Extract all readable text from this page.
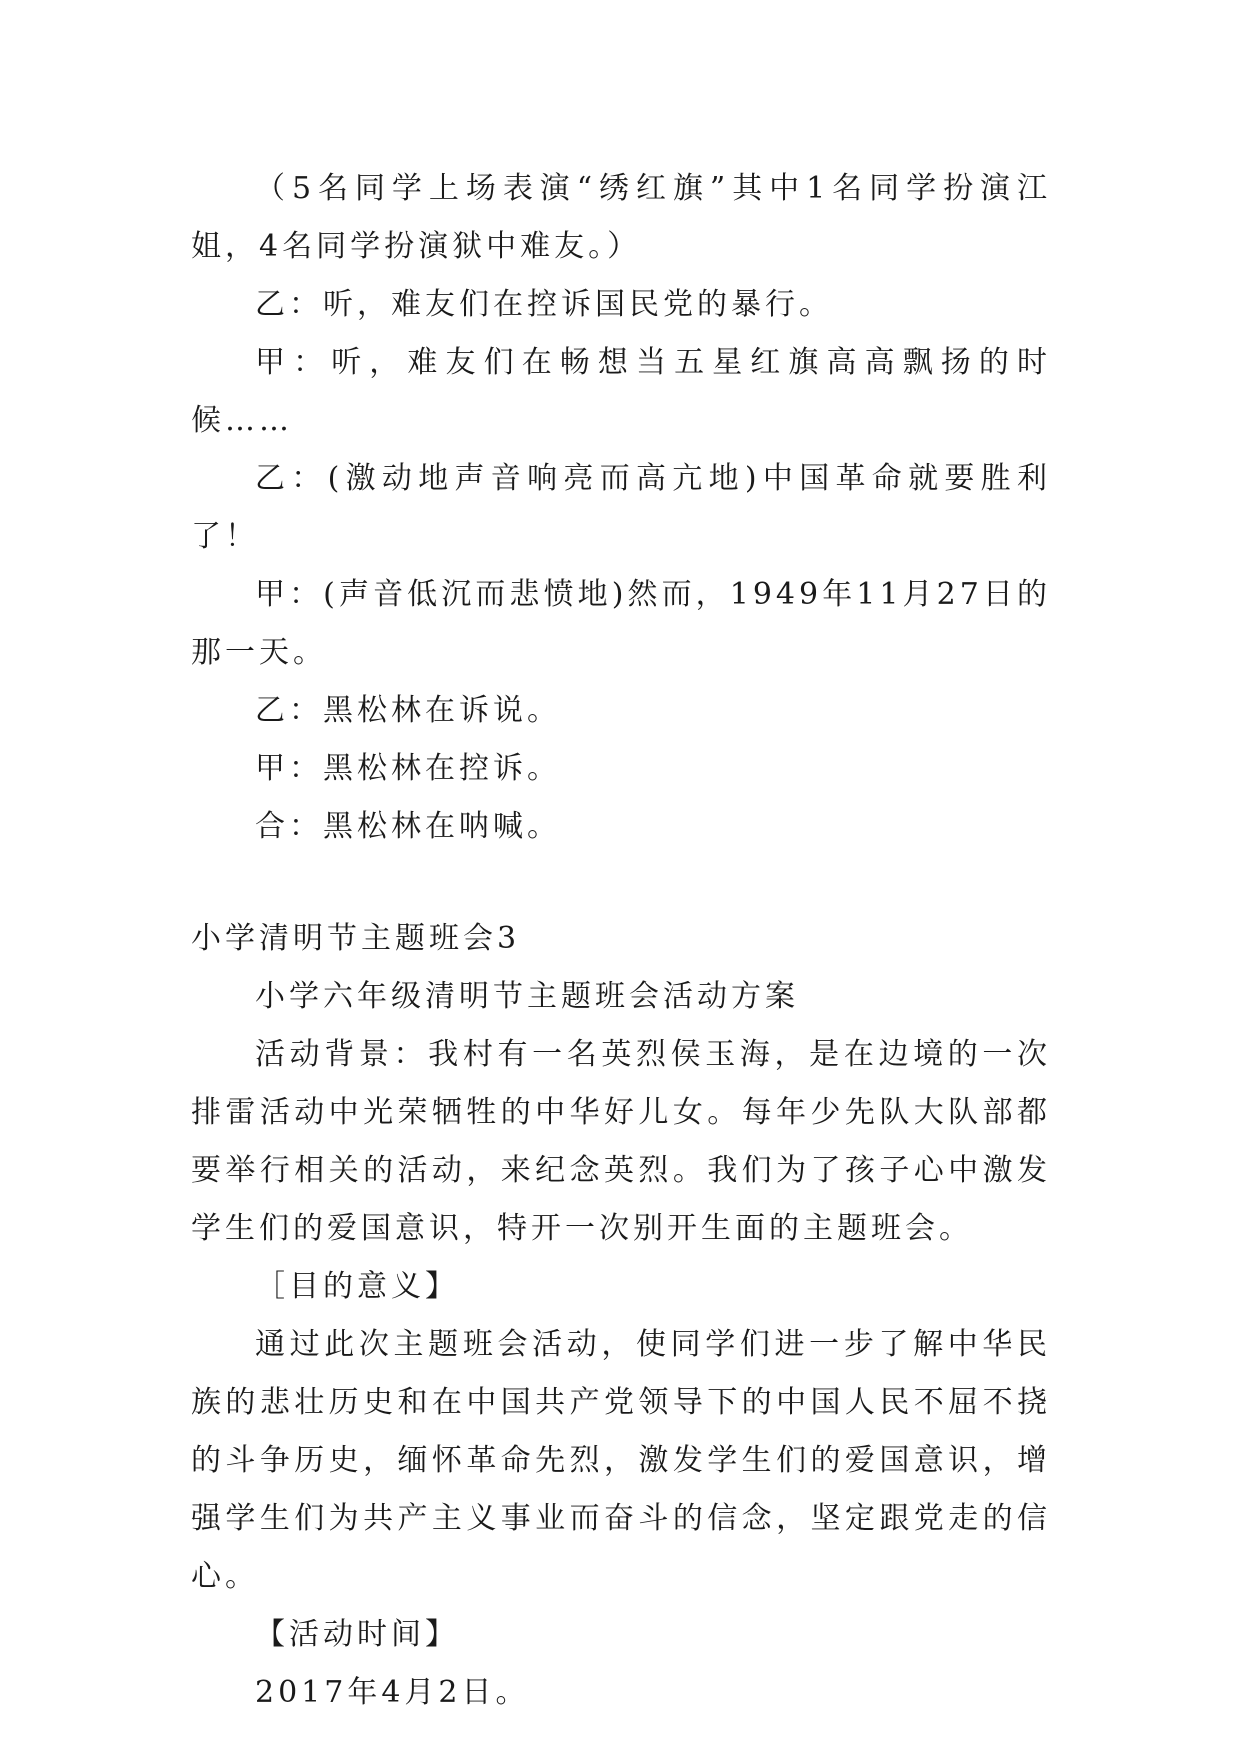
（5名同学上场表演“绣红旗”其中1名同学扮演江姐，4名同学扮演狱中难友。）

乙：听，难友们在控诉国民党的暴行。

甲：听，难友们在畅想当五星红旗高高飘扬的时候……

乙：(激动地声音响亮而高亢地)中国革命就要胜利了！

甲：(声音低沉而悲愤地)然而，1949年11月27日的那一天。

乙：黑松林在诉说。

甲：黑松林在控诉。

合：黑松林在呐喊。

小学清明节主题班会3

小学六年级清明节主题班会活动方案

活动背景：我村有一名英烈侯玉海，是在边境的一次排雷活动中光荣牺牲的中华好儿女。每年少先队大队部都要举行相关的活动，来纪念英烈。我们为了孩子心中激发学生们的爱国意识，特开一次别开生面的主题班会。

［目的意义】

通过此次主题班会活动，使同学们进一步了解中华民族的悲壮历史和在中国共产党领导下的中国人民不屈不挠的斗争历史，缅怀革命先烈，激发学生们的爱国意识，增强学生们为共产主义事业而奋斗的信念，坚定跟党走的信心。

【活动时间】

2017年4月2日。
